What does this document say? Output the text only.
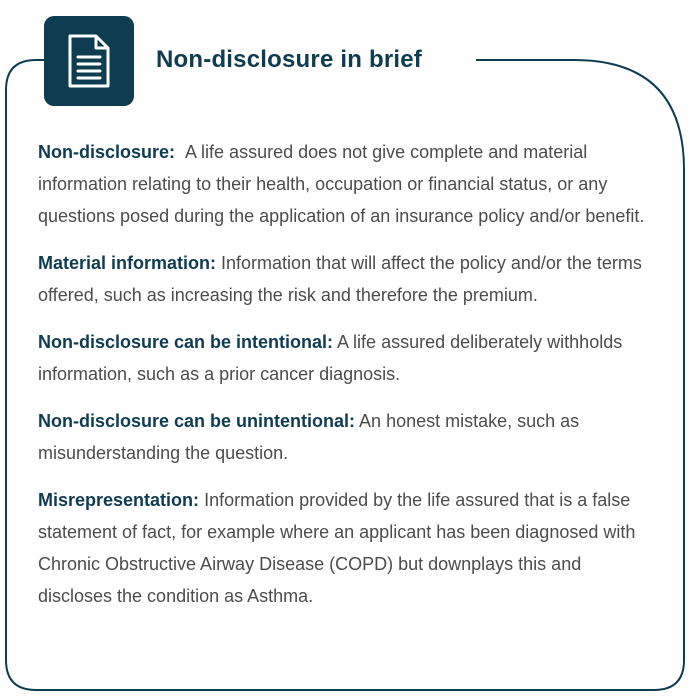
Non-disclosure in brief

Non-disclosure: A life assured does not give complete and material information relating to their health, occupation or financial status, or any questions posed during the application of an insurance policy and/or benefit.

Material information: Information that will affect the policy and/or the terms offered, such as increasing the risk and therefore the premium.

Non-disclosure can be intentional: A life assured deliberately withholds information, such as a prior cancer diagnosis.

Non-disclosure can be unintentional: An honest mistake, such as misunderstanding the question.

Misrepresentation: Information provided by the life assured that is a false statement of fact, for example where an applicant has been diagnosed with Chronic Obstructive Airway Disease (COPD) but downplays this and discloses the condition as Asthma.
